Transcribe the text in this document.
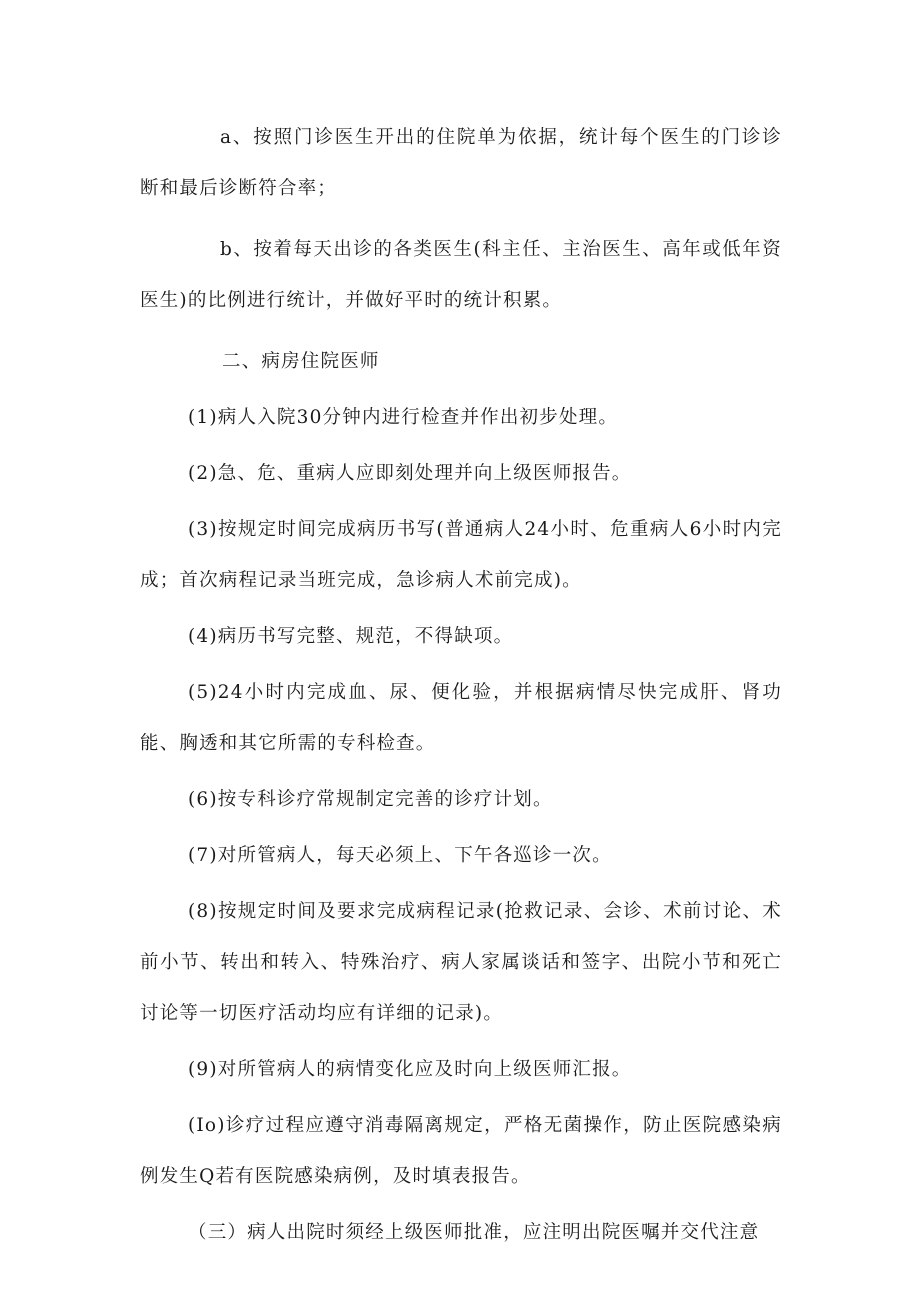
a、按照门诊医生开出的住院单为依据，统计每个医生的门诊诊断和最后诊断符合率；

b、按着每天出诊的各类医生(科主任、主治医生、高年或低年资医生)的比例进行统计，并做好平时的统计积累。

二、病房住院医师

(1)病人入院30分钟内进行检查并作出初步处理。

(2)急、危、重病人应即刻处理并向上级医师报告。

(3)按规定时间完成病历书写(普通病人24小时、危重病人6小时内完成；首次病程记录当班完成，急诊病人术前完成)。

(4)病历书写完整、规范，不得缺项。

(5)24小时内完成血、尿、便化验，并根据病情尽快完成肝、肾功能、胸透和其它所需的专科检查。

(6)按专科诊疗常规制定完善的诊疗计划。

(7)对所管病人，每天必须上、下午各巡诊一次。

(8)按规定时间及要求完成病程记录(抢救记录、会诊、术前讨论、术前小节、转出和转入、特殊治疗、病人家属谈话和签字、出院小节和死亡讨论等一切医疗活动均应有详细的记录)。

(9)对所管病人的病情变化应及时向上级医师汇报。

(Io)诊疗过程应遵守消毒隔离规定，严格无菌操作，防止医院感染病例发生Q若有医院感染病例，及时填表报告。

（三）病人出院时须经上级医师批准，应注明出院医嘱并交代注意
